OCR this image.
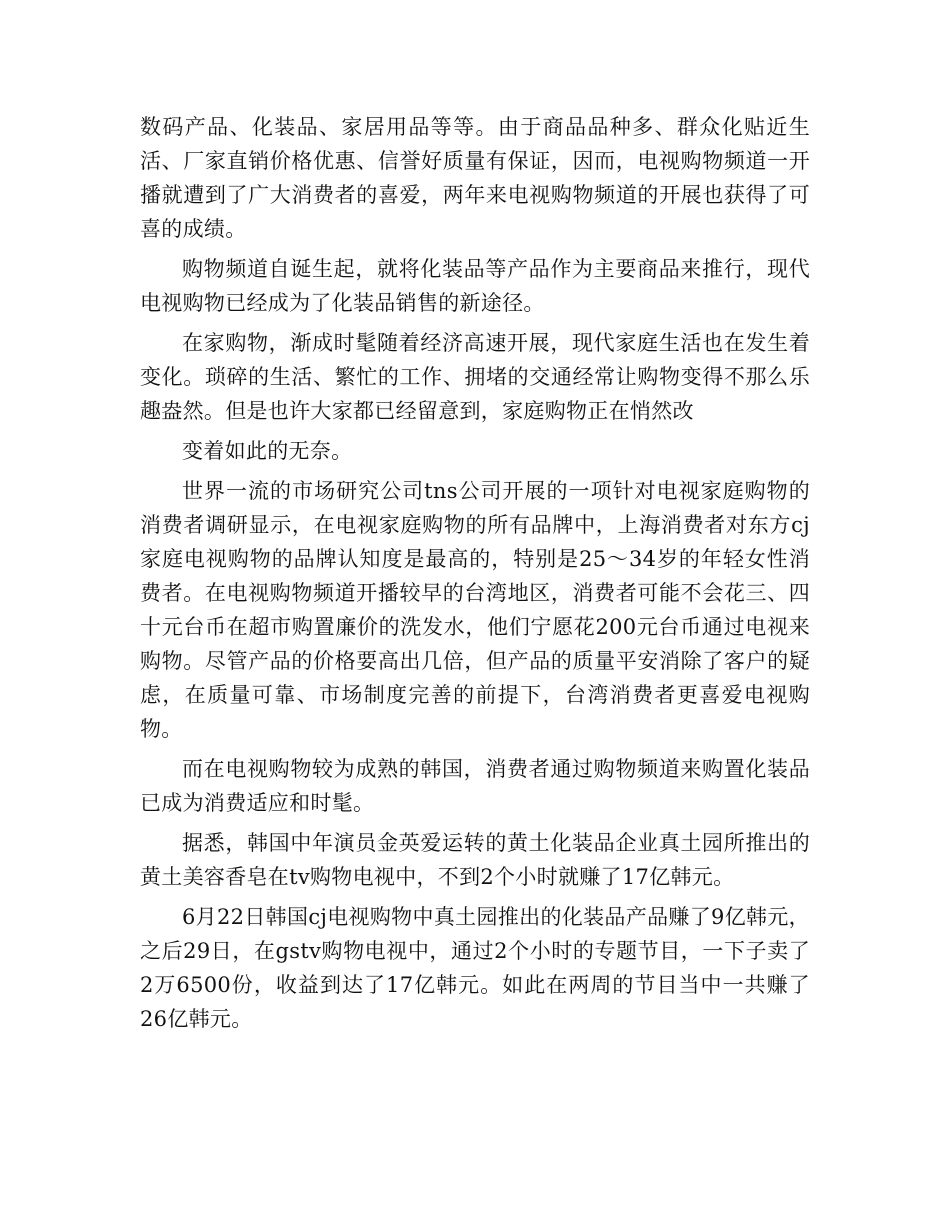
数码产品、化装品、家居用品等等。由于商品品种多、群众化贴近生活、厂家直销价格优惠、信誉好质量有保证，因而，电视购物频道一开播就遭到了广大消费者的喜爱，两年来电视购物频道的开展也获得了可喜的成绩。

购物频道自诞生起，就将化装品等产品作为主要商品来推行，现代电视购物已经成为了化装品销售的新途径。

在家购物，渐成时髦随着经济高速开展，现代家庭生活也在发生着变化。琐碎的生活、繁忙的工作、拥堵的交通经常让购物变得不那么乐趣盎然。但是也许大家都已经留意到，家庭购物正在悄然改

变着如此的无奈。

世界一流的市场研究公司tns公司开展的一项针对电视家庭购物的消费者调研显示，在电视家庭购物的所有品牌中，上海消费者对东方cj家庭电视购物的品牌认知度是最高的，特别是25～34岁的年轻女性消费者。在电视购物频道开播较早的台湾地区，消费者可能不会花三、四十元台币在超市购置廉价的洗发水，他们宁愿花200元台币通过电视来购物。尽管产品的价格要高出几倍，但产品的质量平安消除了客户的疑虑，在质量可靠、市场制度完善的前提下，台湾消费者更喜爱电视购物。

而在电视购物较为成熟的韩国，消费者通过购物频道来购置化装品已成为消费适应和时髦。

据悉，韩国中年演员金英爱运转的黄土化装品企业真土园所推出的黄土美容香皂在tv购物电视中，不到2个小时就赚了17亿韩元。

6月22日韩国cj电视购物中真土园推出的化装品产品赚了9亿韩元，之后29日，在gstv购物电视中，通过2个小时的专题节目，一下子卖了2万6500份，收益到达了17亿韩元。如此在两周的节目当中一共赚了26亿韩元。
